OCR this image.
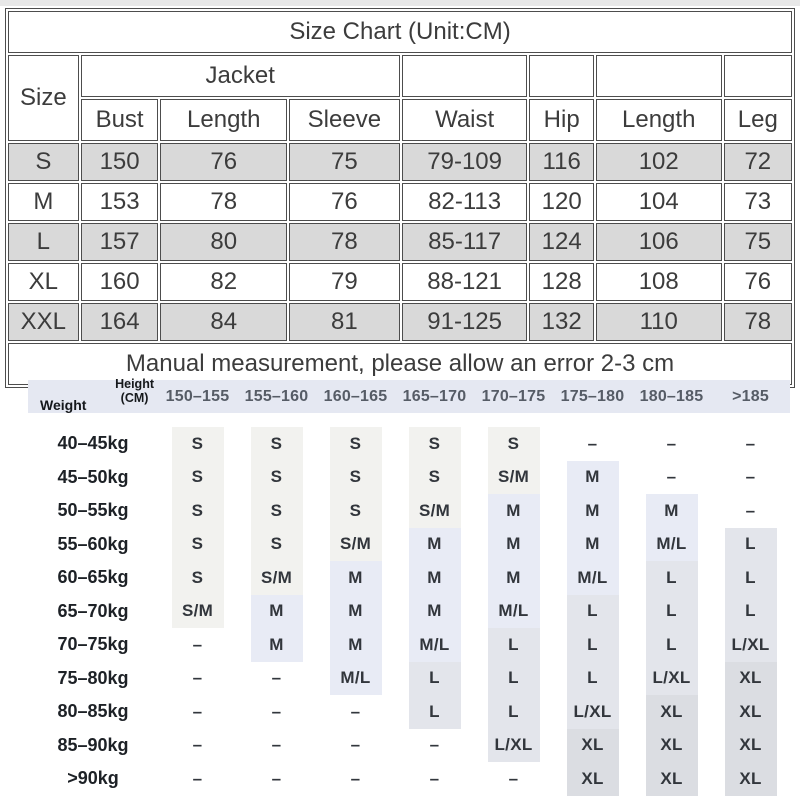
Size Chart (Unit:CM)							
Size	Jacket						
	Bust	Length	Sleeve	Waist	Hip	Length	Leg
S	150	76	75	79-109	116	102	72
M	153	78	76	82-113	120	104	73
L	157	80	78	85-117	124	106	75
XL	160	82	79	88-121	128	108	76
XXL	164	84	81	91-125	132	110	78
Manual measurement, please allow an error 2-3 cm							
Height
(CM)
Weight
150–155 155–160 160–165 165–170 170–175 175–180 180–185	>185
40–45kg	S	S	S	S	S	–	–	–
45–50kg	S	S	S	S	S/M	M	–	–
50–55kg	S	S	S	S/M	M	M	M	–
55–60kg	S	S	S/M	M	M	M	M/L	L
60–65kg	S	S/M	M	M	M	M/L	L	L
65–70kg	S/M	M	M	M	M/L	L	L	L
70–75kg	–	M	M	M/L	L	L	L	L/XL
75–80kg	–	–	M/L	L	L	L	L/XL	XL
80–85kg	–	–	–	L	L	L/XL	XL	XL
85–90kg	–	–	–	–	L/XL	XL	XL	XL
>90kg	–	–	–	–	–	XL	XL	XL
